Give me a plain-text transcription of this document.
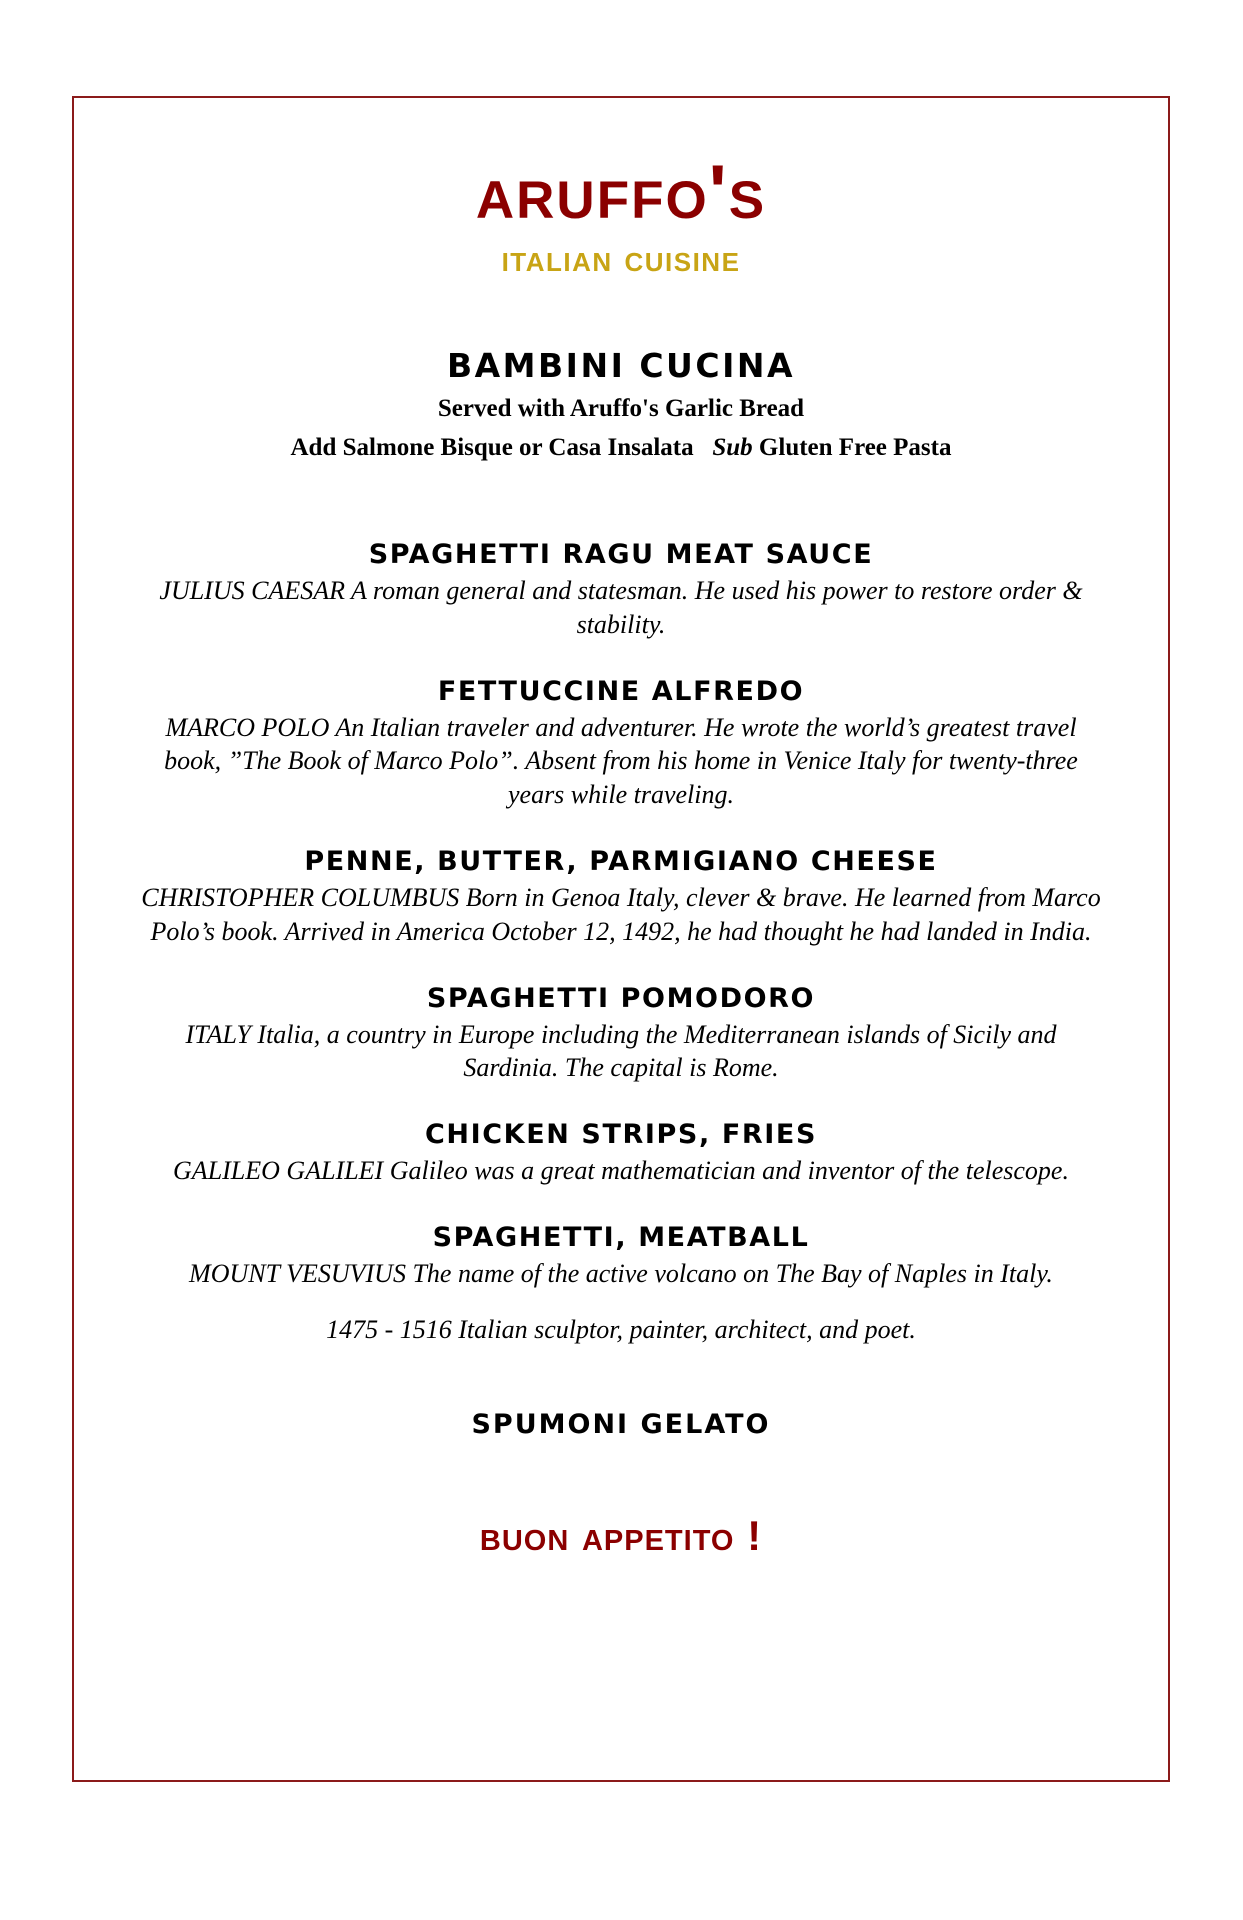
aruffo's
italian cuisine
BAMBINI CUCINA
Served with Aruffo's Garlic Bread
Add Salmone Bisque or Casa Insalata Sub Gluten Free Pasta
SPAGHETTI RAGU MEAT SAUCE
JULIUS CAESAR A roman general and statesman. He used his power to restore order & stability.
FETTUCCINE ALFREDO
MARCO POLO An Italian traveler and adventurer. He wrote the world’s greatest travel book, ”The Book of Marco Polo”. Absent from his home in Venice Italy for twenty-three years while traveling.
PENNE, BUTTER, PARMIGIANO CHEESE
CHRISTOPHER COLUMBUS Born in Genoa Italy, clever & brave. He learned from Marco Polo’s book. Arrived in America October 12, 1492, he had thought he had landed in India.
SPAGHETTI POMODORO
ITALY Italia, a country in Europe including the Mediterranean islands of Sicily and Sardinia. The capital is Rome.
CHICKEN STRIPS, FRIES
GALILEO GALILEI Galileo was a great mathematician and inventor of the telescope.
SPAGHETTI, MEATBALL
MOUNT VESUVIUS The name of the active volcano on The Bay of Naples in Italy.
1475 - 1516 Italian sculptor, painter, architect, and poet.
SPUMONI GELATO
buon appetito !
